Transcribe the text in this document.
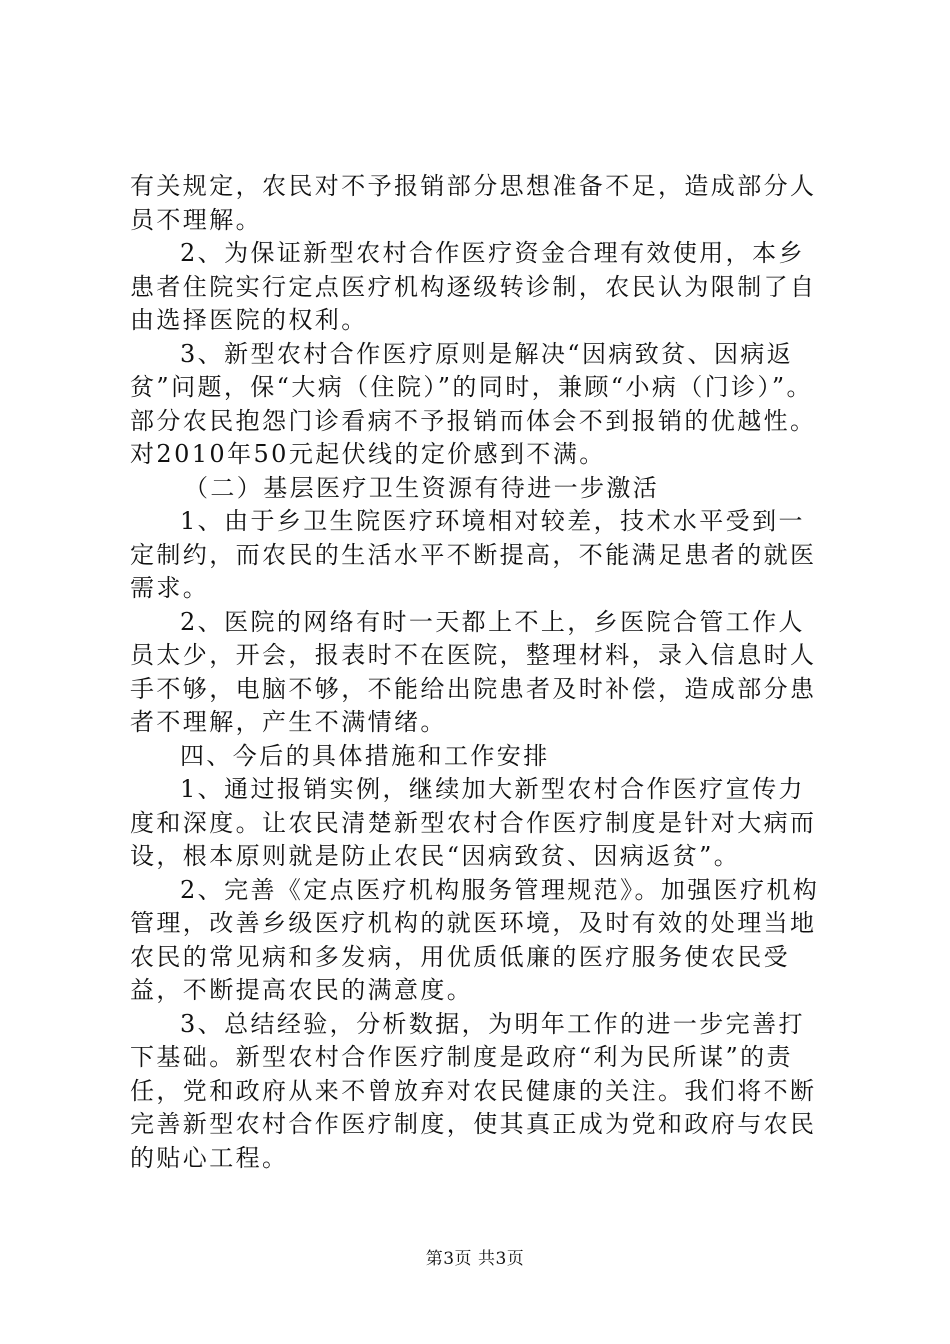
有关规定，农民对不予报销部分思想准备不足，造成部分人员不理解。

2、为保证新型农村合作医疗资金合理有效使用，本乡患者住院实行定点医疗机构逐级转诊制，农民认为限制了自由选择医院的权利。

3、新型农村合作医疗原则是解决“因病致贫、因病返贫”问题，保“大病（住院）”的同时，兼顾“小病（门诊）”。部分农民抱怨门诊看病不予报销而体会不到报销的优越性。对2010年50元起伏线的定价感到不满。

（二）基层医疗卫生资源有待进一步激活

1、由于乡卫生院医疗环境相对较差，技术水平受到一定制约，而农民的生活水平不断提高，不能满足患者的就医需求。

2、医院的网络有时一天都上不上，乡医院合管工作人员太少，开会，报表时不在医院，整理材料，录入信息时人手不够，电脑不够，不能给出院患者及时补偿，造成部分患者不理解，产生不满情绪。

四、今后的具体措施和工作安排

1、通过报销实例，继续加大新型农村合作医疗宣传力度和深度。让农民清楚新型农村合作医疗制度是针对大病而设，根本原则就是防止农民“因病致贫、因病返贫”。

2、完善《定点医疗机构服务管理规范》。加强医疗机构管理，改善乡级医疗机构的就医环境，及时有效的处理当地农民的常见病和多发病，用优质低廉的医疗服务使农民受益，不断提高农民的满意度。

3、总结经验，分析数据，为明年工作的进一步完善打下基础。新型农村合作医疗制度是政府“利为民所谋”的责任，党和政府从来不曾放弃对农民健康的关注。我们将不断完善新型农村合作医疗制度，使其真正成为党和政府与农民的贴心工程。

第3页 共3页
